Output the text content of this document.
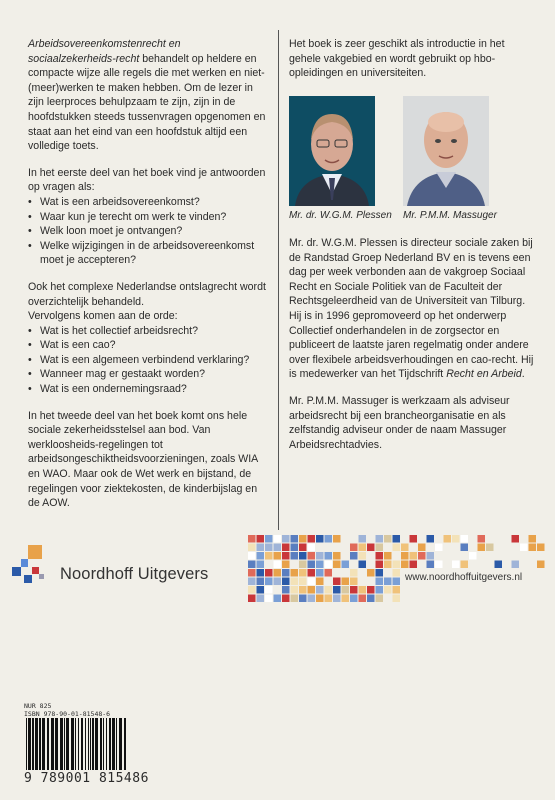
Arbeidsovereenkomstenrecht en sociaalzekerheids-recht behandelt op heldere en compacte wijze alle regels die met werken en niet-(meer)werken te maken hebben. Om de lezer in zijn leerproces behulpzaam te zijn, zijn in de hoofdstukken steeds tussenvragen opgenomen en staat aan het eind van een hoofdstuk altijd een volledige toets.

In het eerste deel van het boek vind je antwoorden op vragen als:

• Wat is een arbeidsovereenkomst?
• Waar kun je terecht om werk te vinden?
• Welk loon moet je ontvangen?
• Welke wijzigingen in de arbeidsovereenkomst moet je accepteren?

Ook het complexe Nederlandse ontslagrecht wordt overzichtelijk behandeld.

Vervolgens komen aan de orde:

• Wat is het collectief arbeidsrecht?
• Wat is een cao?
• Wat is een algemeen verbindend verklaring?
• Wanneer mag er gestaakt worden?
• Wat is een ondernemingsraad?

In het tweede deel van het boek komt ons hele sociale zekerheidsstelsel aan bod. Van werkloosheids-regelingen tot arbeidsongeschiktheidsvoorzieningen, zoals WIA en WAO. Maar ook de Wet werk en bijstand, de regelingen voor ziektekosten, de kinderbijslag en de AOW.

Het boek is zeer geschikt als introductie in het gehele vakgebied en wordt gebruikt op hbo-opleidingen en universiteiten.

Mr. dr. W.G.M. Plessen Mr. P.M.M. Massuger

Mr. dr. W.G.M. Plessen is directeur sociale zaken bij de Randstad Groep Nederland BV en is tevens een dag per week verbonden aan de vakgroep Sociaal Recht en Sociale Politiek van de Faculteit der Rechtsgeleerdheid van de Universiteit van Tilburg. Hij is in 1996 gepromoveerd op het onderwerp Collectief onderhandelen in de zorgsector en publiceert de laatste jaren regelmatig onder andere over flexibele arbeidsverhoudingen en cao-recht. Hij is medewerker van het Tijdschrift Recht en Arbeid.

Mr. P.M.M. Massuger is werkzaam als adviseur arbeidsrecht bij een brancheorganisatie en als zelfstandig adviseur onder de naam Massuger Arbeidsrechtadvies.

Noordhoff Uitgevers	www.noordhoffuitgevers.nl
NUR 825
ISBN 978-90-01-81548-6
9 789001 815486
